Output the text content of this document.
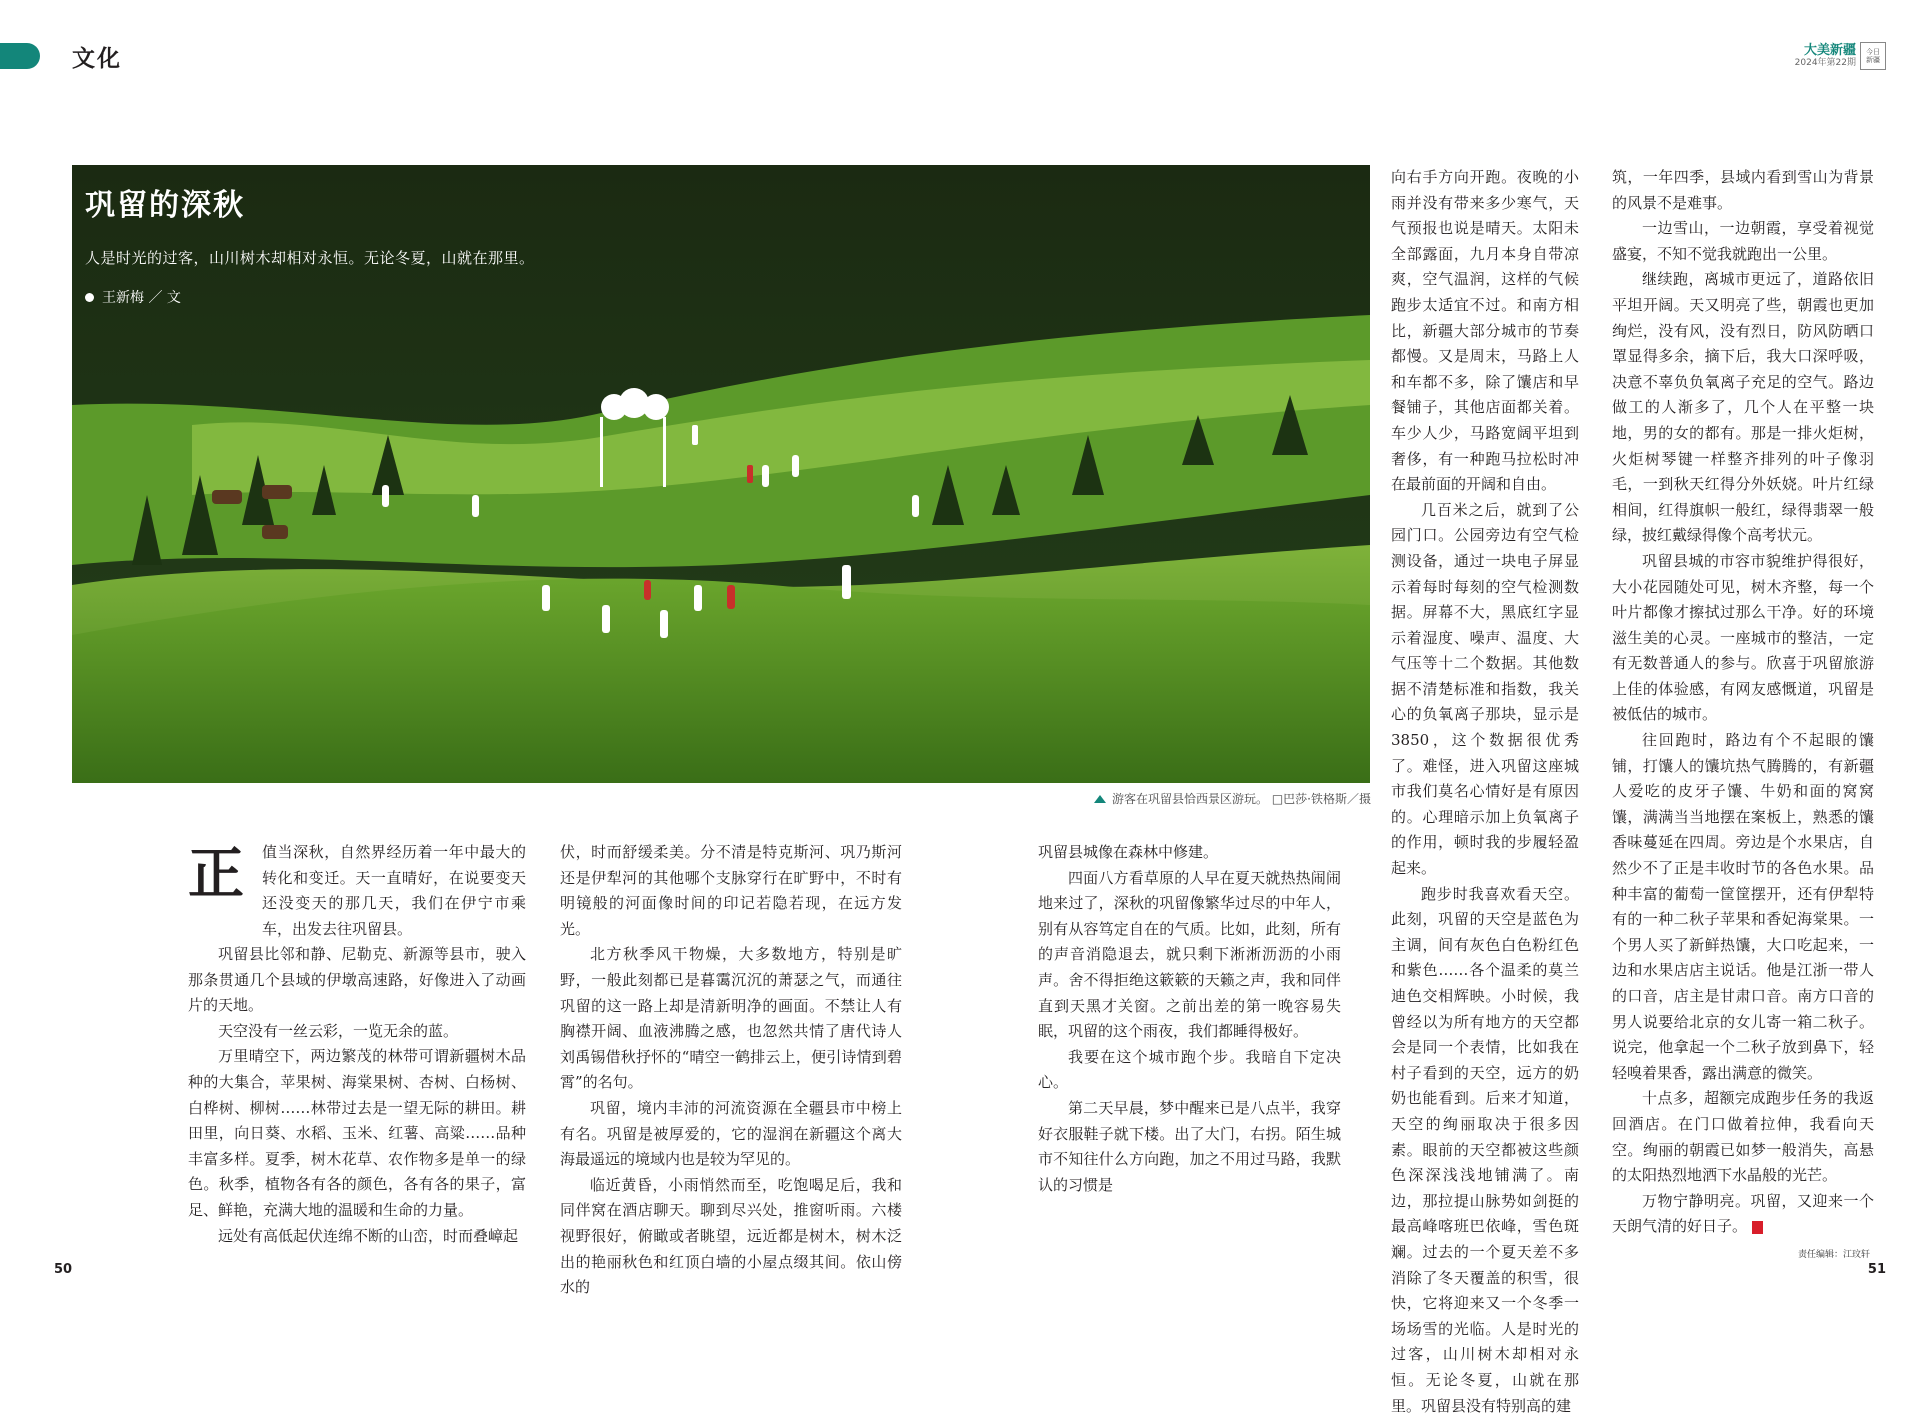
文化	大美新疆
2024年第22期
今日
新疆
巩留的深秋
人是时光的过客，山川树木却相对永恒。无论冬夏，山就在那里。
王新梅 ／ 文
游客在巩留县恰西景区游玩。 □巴莎·铁格斯／摄
正 值当深秋，自然界经历着一年中最大的转化和变迁。天一直晴好，在说要变天还没变天的那几天，我们在伊宁市乘车，出发去往巩留县。

巩留县比邻和静、尼勒克、新源等县市，驶入那条贯通几个县域的伊墩高速路，好像进入了动画片的天地。

天空没有一丝云彩，一览无余的蓝。

万里晴空下，两边繁茂的林带可谓新疆树木品种的大集合，苹果树、海棠果树、杏树、白杨树、白桦树、柳树……林带过去是一望无际的耕田。耕田里，向日葵、水稻、玉米、红薯、高粱……品种丰富多样。夏季，树木花草、农作物多是单一的绿色。秋季，植物各有各的颜色，各有各的果子，富足、鲜艳，充满大地的温暖和生命的力量。

远处有高低起伏连绵不断的山峦，时而叠嶂起

伏，时而舒缓柔美。分不清是特克斯河、巩乃斯河还是伊犁河的其他哪个支脉穿行在旷野中，不时有明镜般的河面像时间的印记若隐若现，在远方发光。

北方秋季风干物燥，大多数地方，特别是旷野，一般此刻都已是暮霭沉沉的萧瑟之气，而通往巩留的这一路上却是清新明净的画面。不禁让人有胸襟开阔、血液沸腾之感，也忽然共情了唐代诗人刘禹锡借秋抒怀的“晴空一鹤排云上，便引诗情到碧霄”的名句。

巩留，境内丰沛的河流资源在全疆县市中榜上有名。巩留是被厚爱的，它的湿润在新疆这个离大海最遥远的境域内也是较为罕见的。

临近黄昏，小雨悄然而至，吃饱喝足后，我和同伴窝在酒店聊天。聊到尽兴处，推窗听雨。六楼视野很好，俯瞰或者眺望，远近都是树木，树木泛出的艳丽秋色和红顶白墙的小屋点缀其间。依山傍水的

巩留县城像在森林中修建。

四面八方看草原的人早在夏天就热热闹闹地来过了，深秋的巩留像繁华过尽的中年人，别有从容笃定自在的气质。比如，此刻，所有的声音消隐退去，就只剩下淅淅沥沥的小雨声。舍不得拒绝这簌簌的天籁之声，我和同伴直到天黑才关窗。之前出差的第一晚容易失眠，巩留的这个雨夜，我们都睡得极好。

我要在这个城市跑个步。我暗自下定决心。

第二天早晨，梦中醒来已是八点半，我穿好衣服鞋子就下楼。出了大门，右拐。陌生城市不知往什么方向跑，加之不用过马路，我默认的习惯是

向右手方向开跑。夜晚的小雨并没有带来多少寒气，天气预报也说是晴天。太阳未全部露面，九月本身自带凉爽，空气温润，这样的气候跑步太适宜不过。和南方相比，新疆大部分城市的节奏都慢。又是周末，马路上人和车都不多，除了馕店和早餐铺子，其他店面都关着。车少人少，马路宽阔平坦到奢侈，有一种跑马拉松时冲在最前面的开阔和自由。

几百米之后，就到了公园门口。公园旁边有空气检测设备，通过一块电子屏显示着每时每刻的空气检测数据。屏幕不大，黑底红字显示着湿度、噪声、温度、大气压等十二个数据。其他数据不清楚标准和指数，我关心的负氧离子那块，显示是3850，这个数据很优秀了。难怪，进入巩留这座城市我们莫名心情好是有原因的。心理暗示加上负氧离子的作用，顿时我的步履轻盈起来。

跑步时我喜欢看天空。此刻，巩留的天空是蓝色为主调，间有灰色白色粉红色和紫色……各个温柔的莫兰迪色交相辉映。小时候，我曾经以为所有地方的天空都会是同一个表情，比如我在村子看到的天空，远方的奶奶也能看到。后来才知道，天空的绚丽取决于很多因素。眼前的天空都被这些颜色深深浅浅地铺满了。南边，那拉提山脉势如剑挺的最高峰喀班巴依峰，雪色斑斓。过去的一个夏天差不多消除了冬天覆盖的积雪，很快，它将迎来又一个冬季一场场雪的光临。人是时光的过客，山川树木却相对永恒。无论冬夏，山就在那里。巩留县没有特别高的建

筑，一年四季，县域内看到雪山为背景的风景不是难事。

一边雪山，一边朝霞，享受着视觉盛宴，不知不觉我就跑出一公里。

继续跑，离城市更远了，道路依旧平坦开阔。天又明亮了些，朝霞也更加绚烂，没有风，没有烈日，防风防晒口罩显得多余，摘下后，我大口深呼吸，决意不辜负负氧离子充足的空气。路边做工的人渐多了，几个人在平整一块地，男的女的都有。那是一排火炬树，火炬树琴键一样整齐排列的叶子像羽毛，一到秋天红得分外妖娆。叶片红绿相间，红得旗帜一般红，绿得翡翠一般绿，披红戴绿得像个高考状元。

巩留县城的市容市貌维护得很好，大小花园随处可见，树木齐整，每一个叶片都像才擦拭过那么干净。好的环境滋生美的心灵。一座城市的整洁，一定有无数普通人的参与。欣喜于巩留旅游上佳的体验感，有网友感慨道，巩留是被低估的城市。

往回跑时，路边有个不起眼的馕铺，打馕人的馕坑热气腾腾的，有新疆人爱吃的皮牙子馕、牛奶和面的窝窝馕，满满当当地摆在案板上，熟悉的馕香味蔓延在四周。旁边是个水果店，自然少不了正是丰收时节的各色水果。品种丰富的葡萄一筐筐摆开，还有伊犁特有的一种二秋子苹果和香妃海棠果。一个男人买了新鲜热馕，大口吃起来，一边和水果店店主说话。他是江浙一带人的口音，店主是甘肃口音。南方口音的男人说要给北京的女儿寄一箱二秋子。说完，他拿起一个二秋子放到鼻下，轻轻嗅着果香，露出满意的微笑。

十点多，超额完成跑步任务的我返回酒店。在门口做着拉伸，我看向天空。绚丽的朝霞已如梦一般消失，高悬的太阳热烈地洒下水晶般的光芒。

万物宁静明亮。巩留，又迎来一个天朗气清的好日子。

责任编辑：江玟轩
50	51
